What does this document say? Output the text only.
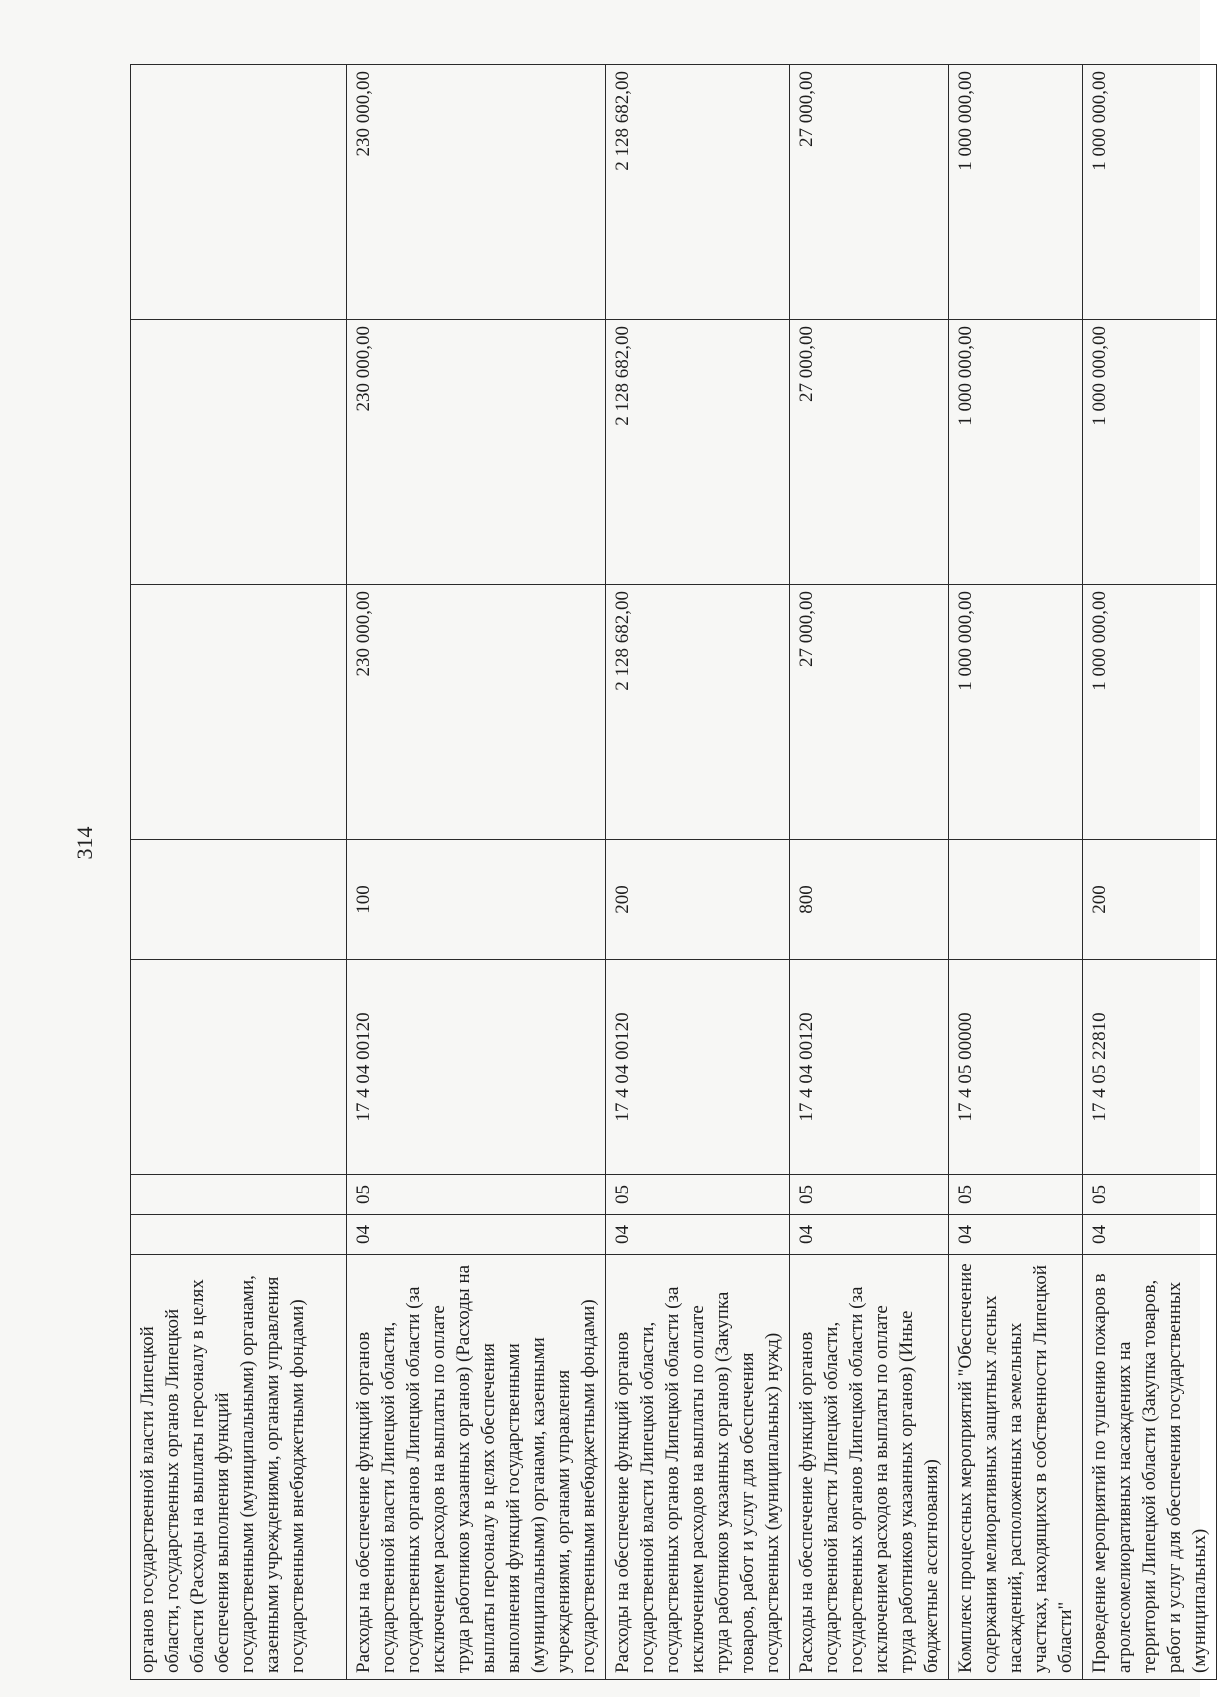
314
органов государственной власти Липецкой области, государственных органов Липецкой области (Расходы на выплаты персоналу в целях обеспечения выполнения функций государственными (муниципальными) органами, казенными учреждениями, органами управления государственными внебюджетными фондами)							
Расходы на обеспечение функций органов государственной власти Липецкой области, государственных органов Липецкой области (за исключением расходов на выплаты по оплате труда работников указанных органов) (Расходы на выплаты персоналу в целях обеспечения выполнения функций государственными (муниципальными) органами, казенными учреждениями, органами управления государственными внебюджетными фондами)	04	05	17 4 04 00120	100	230 000,00	230 000,00	230 000,00
Расходы на обеспечение функций органов государственной власти Липецкой области, государственных органов Липецкой области (за исключением расходов на выплаты по оплате труда работников указанных органов) (Закупка товаров, работ и услуг для обеспечения государственных (муниципальных) нужд)	04	05	17 4 04 00120	200	2 128 682,00	2 128 682,00	2 128 682,00
Расходы на обеспечение функций органов государственной власти Липецкой области, государственных органов Липецкой области (за исключением расходов на выплаты по оплате труда работников указанных органов) (Иные бюджетные ассигнования)	04	05	17 4 04 00120	800	27 000,00	27 000,00	27 000,00
Комплекс процессных мероприятий "Обеспечение содержания мелиоративных защитных лесных насаждений, расположенных на земельных участках, находящихся в собственности Липецкой области"	04	05	17 4 05 00000		1 000 000,00	1 000 000,00	1 000 000,00
Проведение мероприятий по тушению пожаров в агролесомелиоративных насаждениях на территории Липецкой области (Закупка товаров, работ и услуг для обеспечения государственных (муниципальных)	04	05	17 4 05 22810	200	1 000 000,00	1 000 000,00	1 000 000,00
